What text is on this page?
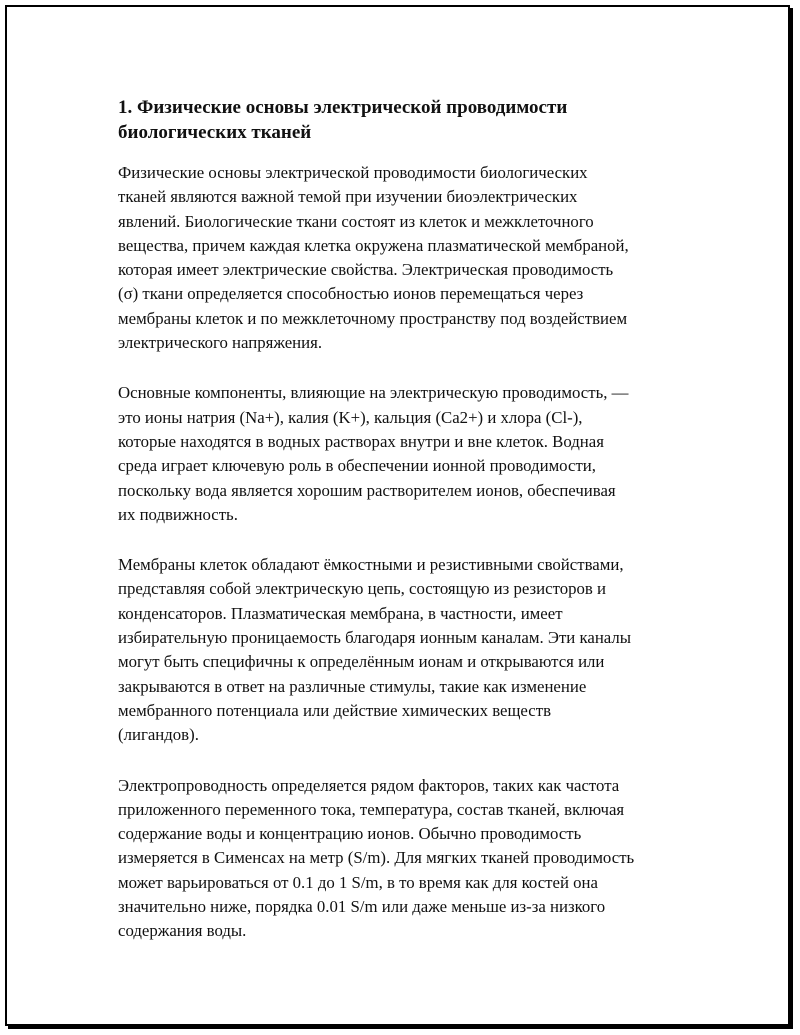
1. Физические основы электрической проводимости
биологических тканей

Физические основы электрической проводимости биологических
тканей являются важной темой при изучении биоэлектрических
явлений. Биологические ткани состоят из клеток и межклеточного
вещества, причем каждая клетка окружена плазматической мембраной,
которая имеет электрические свойства. Электрическая проводимость
(σ) ткани определяется способностью ионов перемещаться через
мембраны клеток и по межклеточному пространству под воздействием
электрического напряжения.

Основные компоненты, влияющие на электрическую проводимость, —
это ионы натрия (Na+), калия (K+), кальция (Ca2+) и хлора (Cl-),
которые находятся в водных растворах внутри и вне клеток. Водная
среда играет ключевую роль в обеспечении ионной проводимости,
поскольку вода является хорошим растворителем ионов, обеспечивая
их подвижность.

Мембраны клеток обладают ёмкостными и резистивными свойствами,
представляя собой электрическую цепь, состоящую из резисторов и
конденсаторов. Плазматическая мембрана, в частности, имеет
избирательную проницаемость благодаря ионным каналам. Эти каналы
могут быть специфичны к определённым ионам и открываются или
закрываются в ответ на различные стимулы, такие как изменение
мембранного потенциала или действие химических веществ
(лигандов).

Электропроводность определяется рядом факторов, таких как частота
приложенного переменного тока, температура, состав тканей, включая
содержание воды и концентрацию ионов. Обычно проводимость
измеряется в Сименсах на метр (S/m). Для мягких тканей проводимость
может варьироваться от 0.1 до 1 S/m, в то время как для костей она
значительно ниже, порядка 0.01 S/m или даже меньше из-за низкого
содержания воды.
